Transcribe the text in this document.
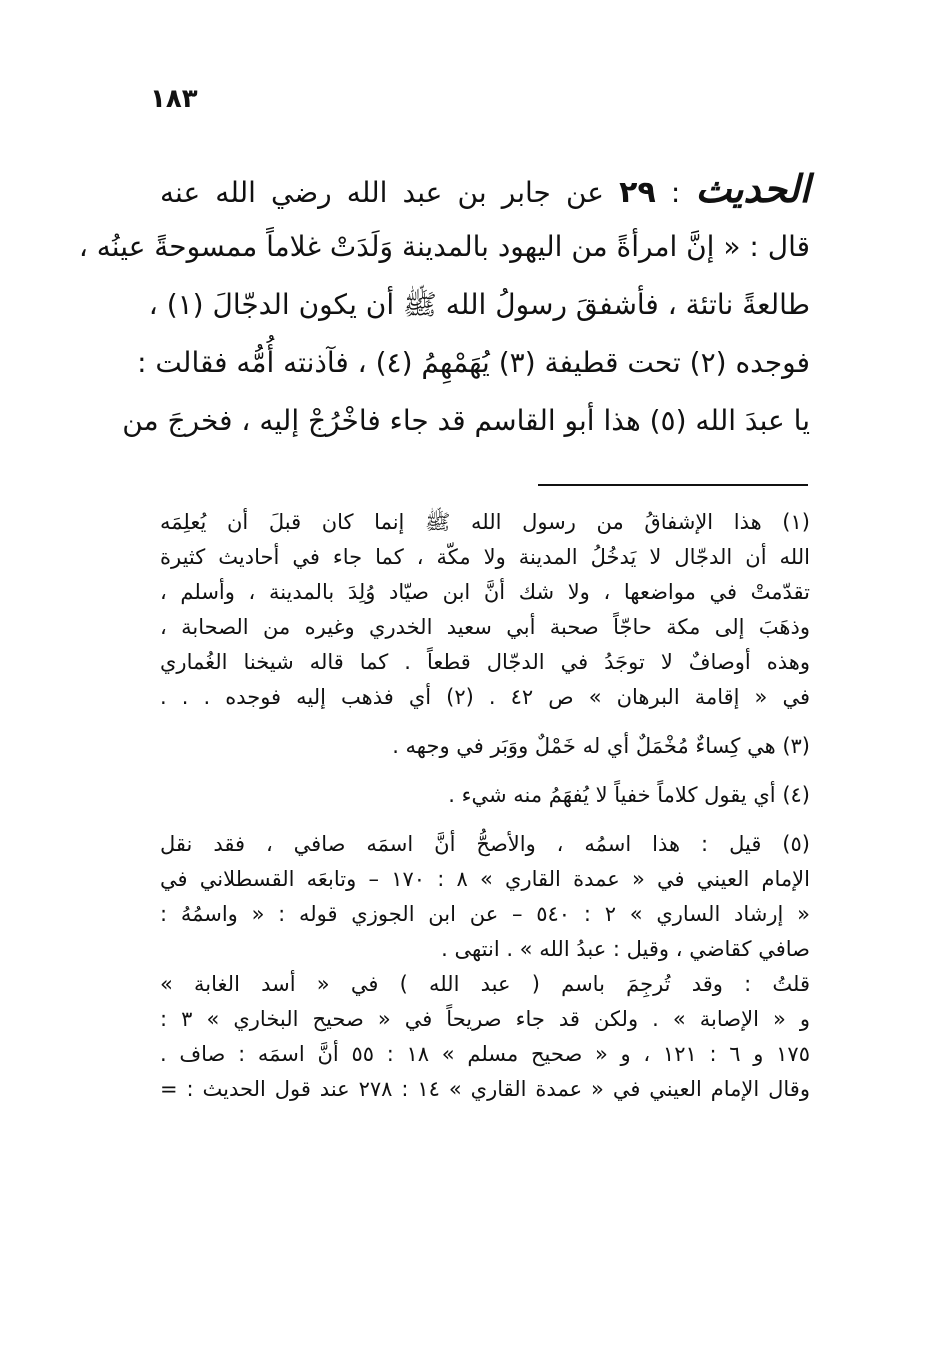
١٨٣
الحديث : ٢٩ عن جابر بن عبد الله رضي الله عنه
قال : « إنَّ امرأةً من اليهود بالمدينة وَلَدَتْ غلاماً ممسوحةً عينُه ،
طالعةً ناتئة ، فأشفقَ رسولُ الله ﷺ أن يكون الدجّالَ (١) ،
فوجده (٢) تحت قطيفة (٣) يُهَمْهِمُ (٤) ، فآذنته أُمُّه فقالت :
يا عبدَ الله (٥) هذا أبو القاسم قد جاء فاخْرُجْ إليه ، فخرجَ من
(١) هذا الإشفاقُ من رسول الله ﷺ إنما كان قبلَ أن يُعلِمَه
الله أن الدجّال لا يَدخُلُ المدينة ولا مكّة ، كما جاء في أحاديث كثيرة
تقدّمتْ في مواضعها ، ولا شك أنَّ ابن صيّاد وُلِدَ بالمدينة ، وأسلم ،
وذهَبَ إلى مكة حاجّاً صحبة أبي سعيد الخدري وغيره من الصحابة ،
وهذه أوصافٌ لا توجَدُ في الدجّال قطعاً . كما قاله شيخنا الغُماري
في « إقامة البرهان » ص ٤٢ . (٢) أي فذهب إليه فوجده . . .
(٣) هي كِساءٌ مُخْمَلٌ أي له خَمْلٌ ووَبَر في وجهه .
(٤) أي يقول كلاماً خفياً لا يُفهَمُ منه شيء .
(٥) قيل : هذا اسمُه ، والأصحُّ أنَّ اسمَه صافي ، فقد نقل
الإمام العيني في « عمدة القاري » ٨ : ١٧٠ – وتابعَه القسطلاني في
« إرشاد الساري » ٢ : ٥٤٠ – عن ابن الجوزي قوله : « واسمُهُ :
صافي كقاضي ، وقيل : عبدُ الله » . انتهى .
قلتُ : وقد تُرجِمَ باسم ( عبد الله ) في « أسد الغابة »
و « الإصابة » . ولكن قد جاء صريحاً في « صحيح البخاري » ٣ :
١٧٥ و ٦ : ١٢١ ، و « صحيح مسلم » ١٨ : ٥٥ أنَّ اسمَه : صاف .
وقال الإمام العيني في « عمدة القاري » ١٤ : ٢٧٨ عند قول الحديث : =
